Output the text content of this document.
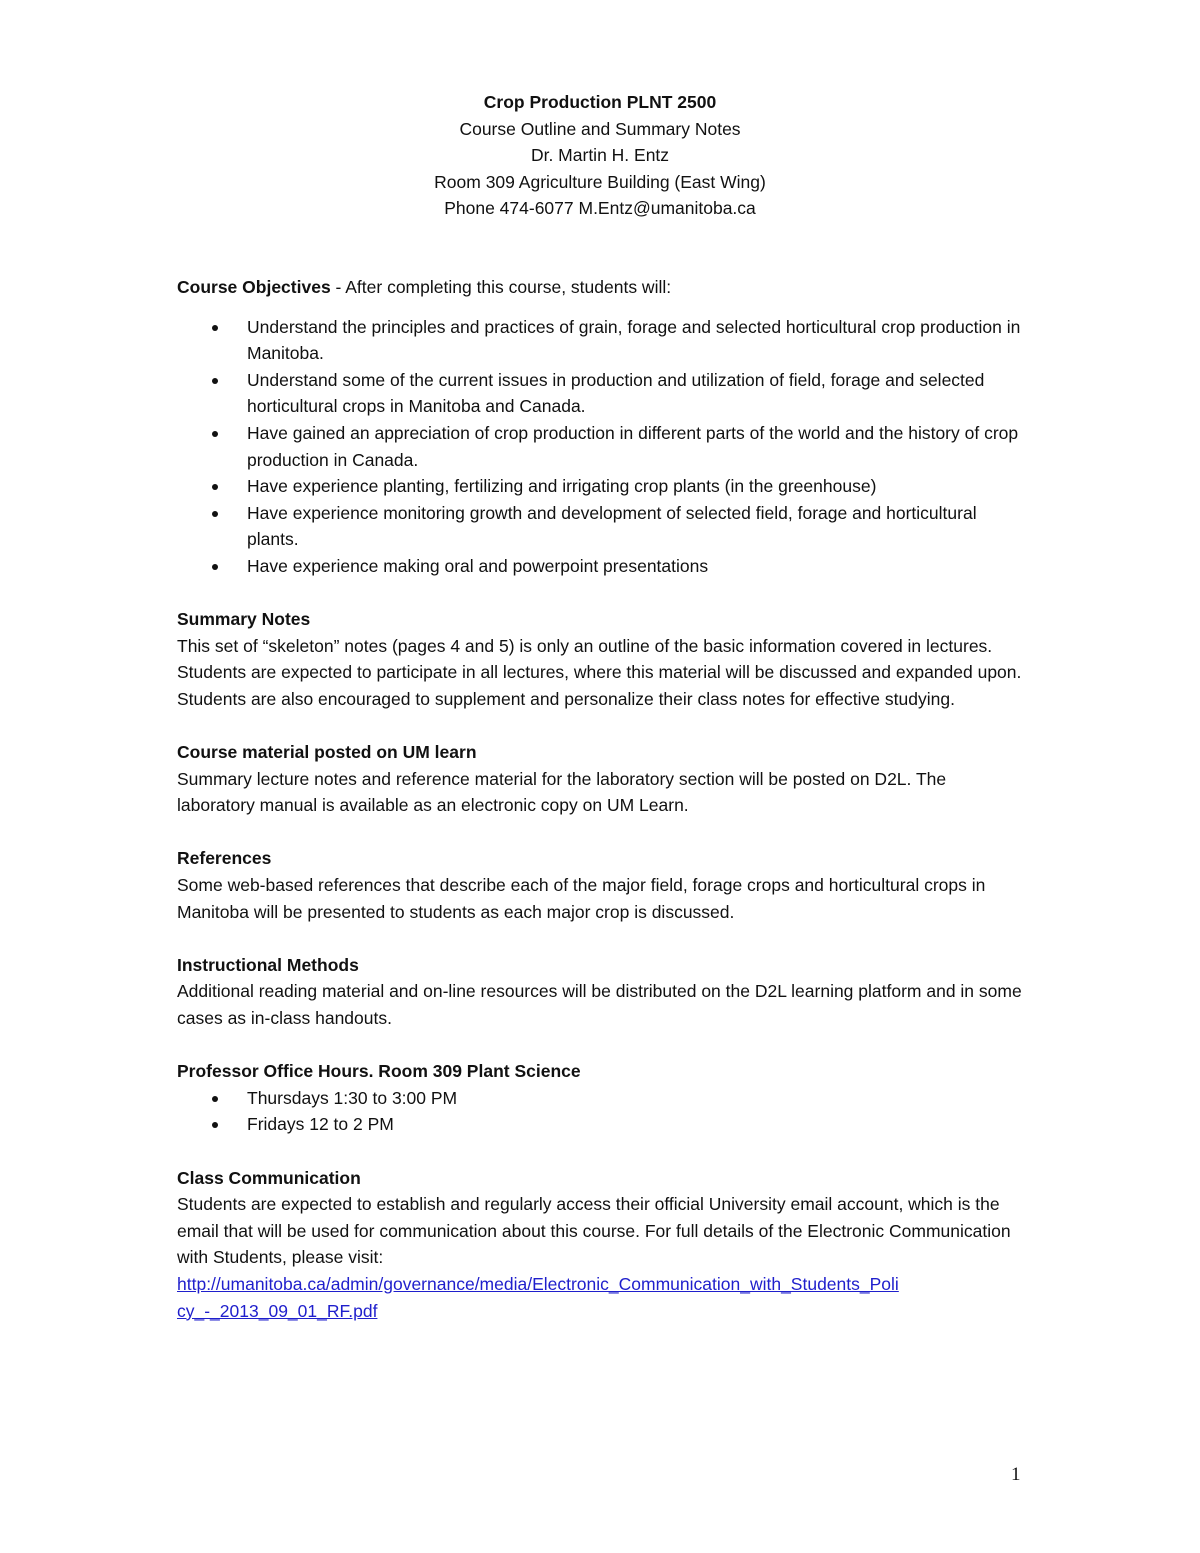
Crop Production PLNT 2500
Course Outline and Summary Notes
Dr. Martin H. Entz
Room 309 Agriculture Building (East Wing)
Phone 474-6077 M.Entz@umanitoba.ca
Course Objectives - After completing this course, students will:
Understand the principles and practices of grain, forage and selected horticultural crop production in Manitoba.
Understand some of the current issues in production and utilization of field, forage and selected horticultural crops in Manitoba and Canada.
Have gained an appreciation of crop production in different parts of the world and the history of crop production in Canada.
Have experience planting, fertilizing and irrigating crop plants (in the greenhouse)
Have experience monitoring growth and development of selected field, forage and horticultural plants.
Have experience making oral and powerpoint presentations
Summary Notes
This set of “skeleton” notes (pages 4 and 5) is only an outline of the basic information covered in lectures. Students are expected to participate in all lectures, where this material will be discussed and expanded upon. Students are also encouraged to supplement and personalize their class notes for effective studying.
Course material posted on UM learn
Summary lecture notes and reference material for the laboratory section will be posted on D2L. The laboratory manual is available as an electronic copy on UM Learn.
References
Some web-based references that describe each of the major field, forage crops and horticultural crops in Manitoba will be presented to students as each major crop is discussed.
Instructional Methods
Additional reading material and on-line resources will be distributed on the D2L learning platform and in some cases as in-class handouts.
Professor Office Hours. Room 309 Plant Science
Thursdays 1:30 to 3:00 PM
Fridays 12 to 2 PM
Class Communication
Students are expected to establish and regularly access their official University email account, which is the email that will be used for communication about this course. For full details of the Electronic Communication with Students, please visit:
http://umanitoba.ca/admin/governance/media/Electronic_Communication_with_Students_Poli
cy_-_2013_09_01_RF.pdf
1
